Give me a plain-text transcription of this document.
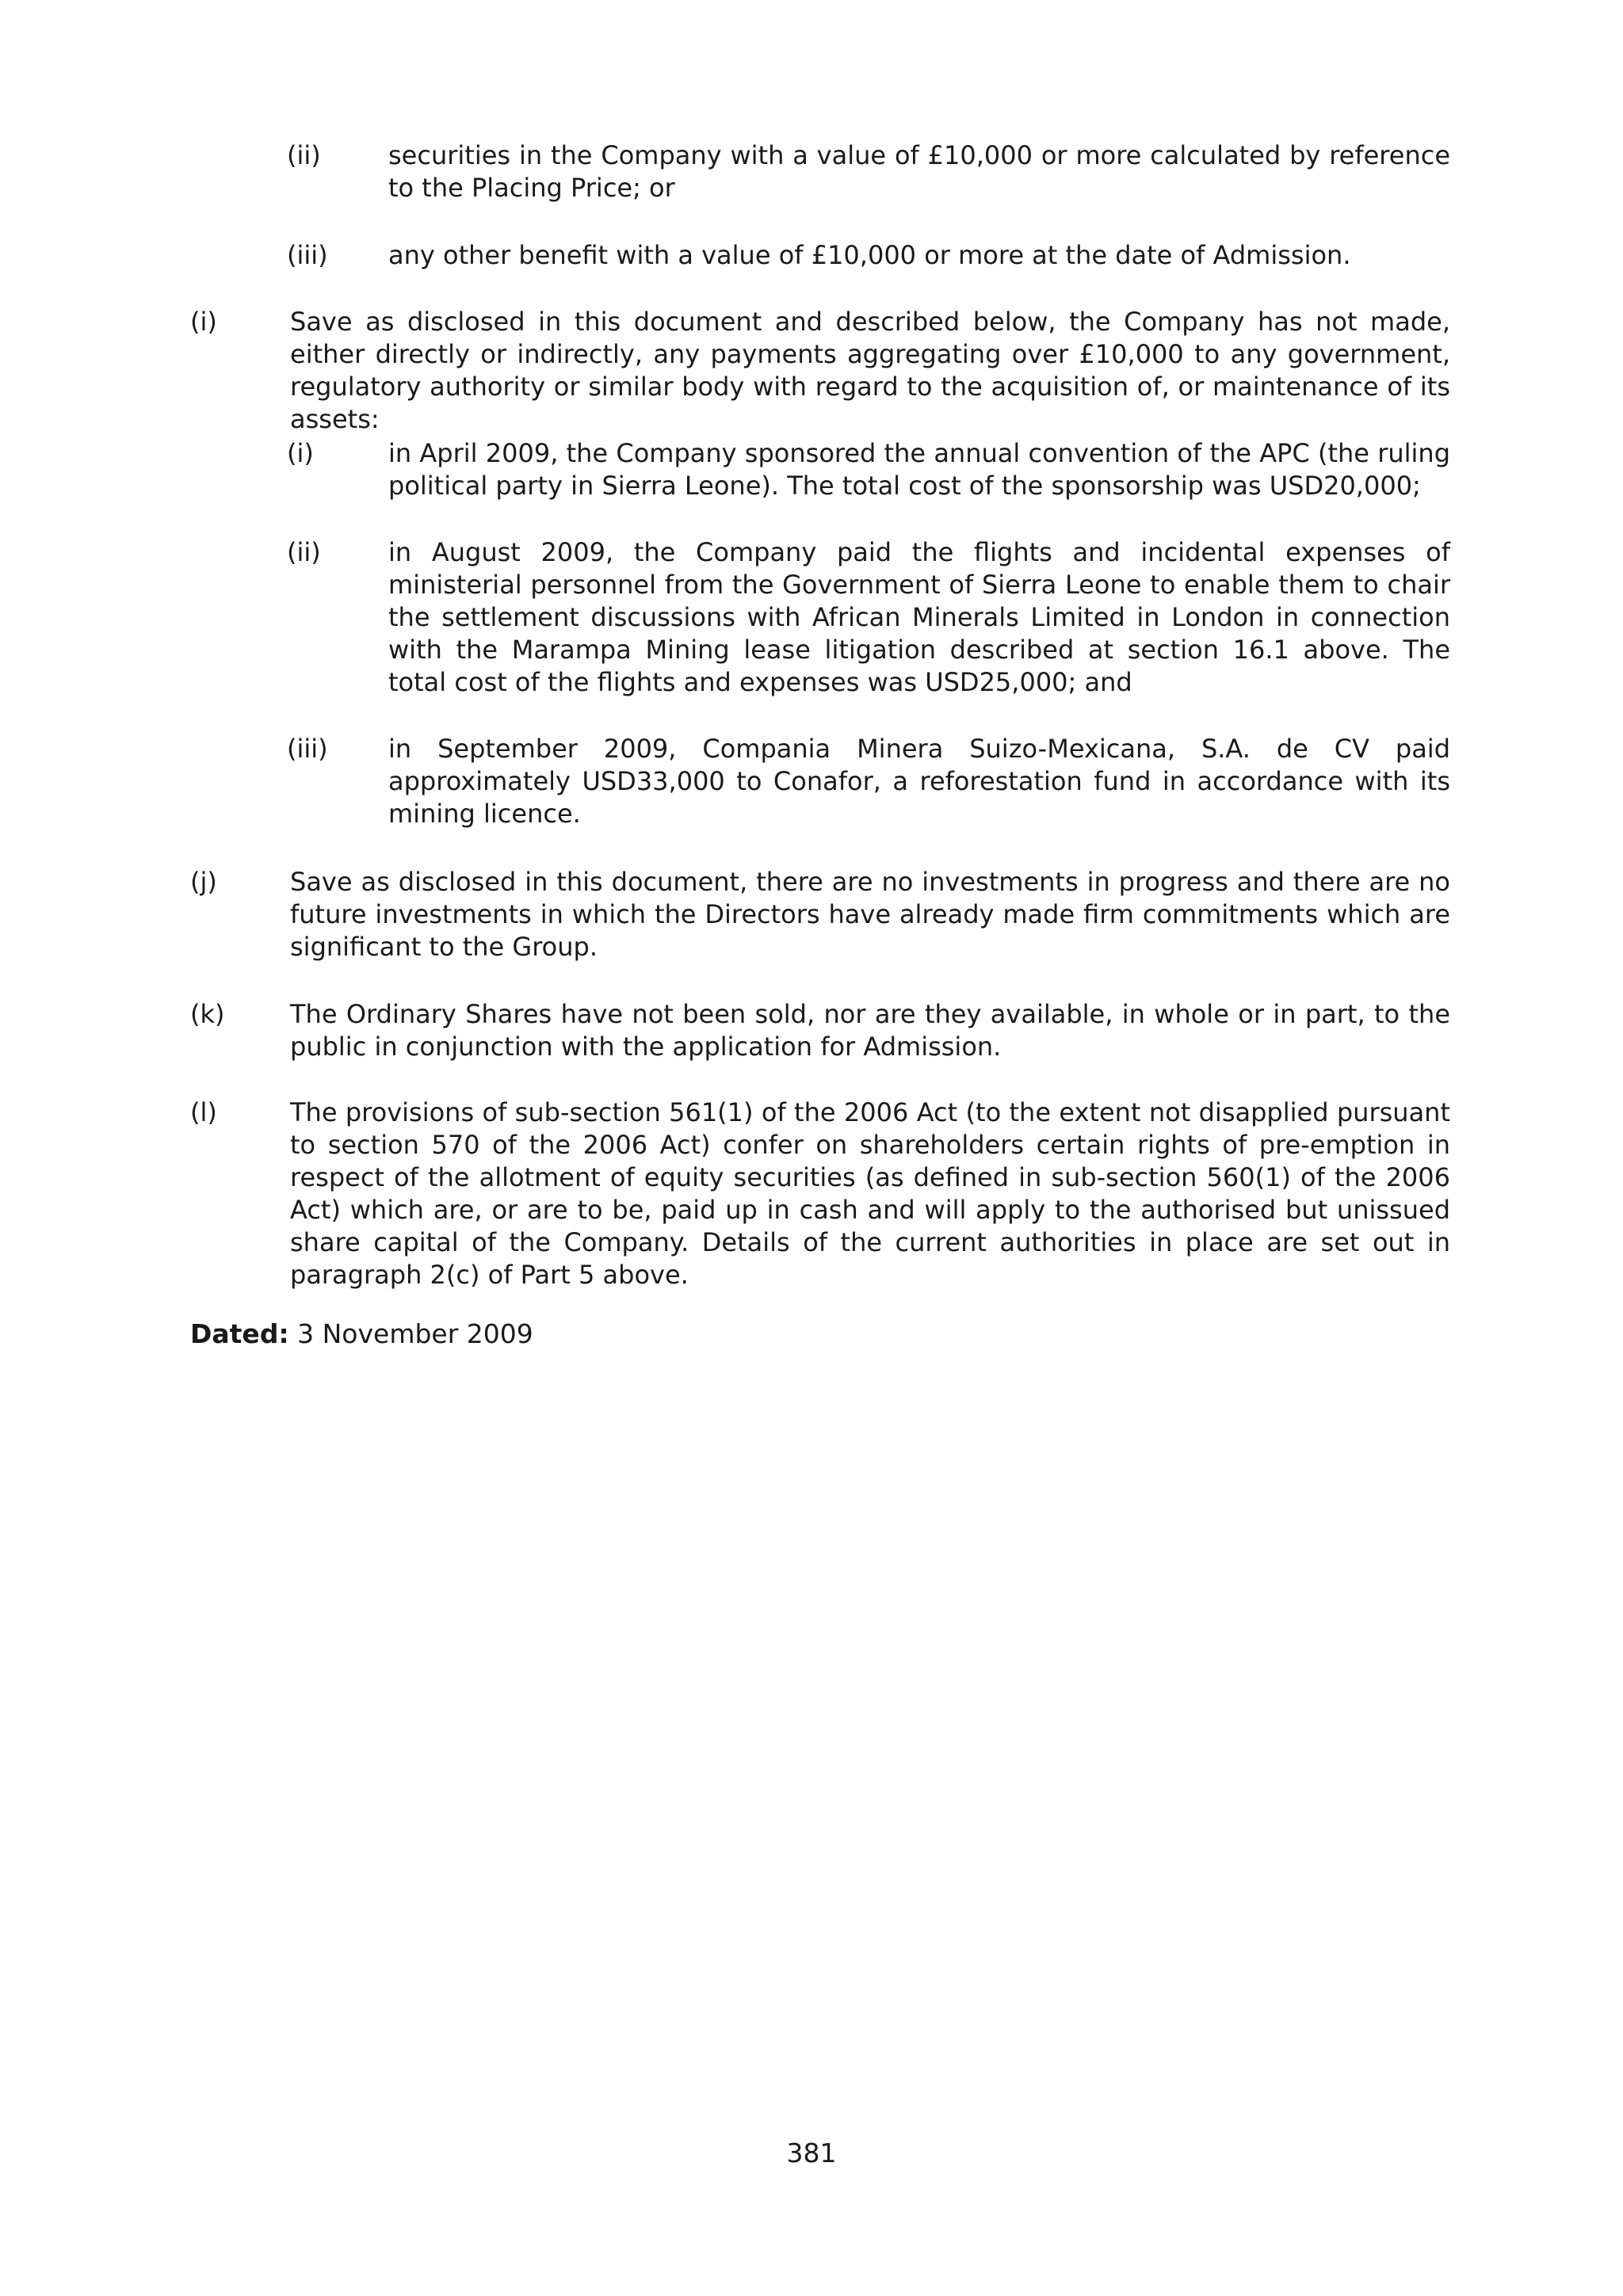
(ii)	securities in the Company with a value of £10,000 or more calculated by reference to the Placing Price; or

(iii) any other benefit with a value of £10,000 or more at the date of Admission.

(i)	Save as disclosed in this document and described below, the Company has not made, either directly or indirectly, any payments aggregating over £10,000 to any government, regulatory authority or similar body with regard to the acquisition of, or maintenance of its assets:

(i)	in April 2009, the Company sponsored the annual convention of the APC (the ruling political party in Sierra Leone). The total cost of the sponsorship was USD20,000;

(ii)	in August 2009, the Company paid the flights and incidental expenses of ministerial personnel from the Government of Sierra Leone to enable them to chair the settlement discussions with African Minerals Limited in London in connection with the Marampa Mining lease litigation described at section 16.1 above. The total cost of the flights and expenses was USD25,000; and

(iii) in September 2009, Compania Minera Suizo-Mexicana, S.A. de CV paid approximately USD33,000 to Conafor, a reforestation fund in accordance with its mining licence.

(j)	Save as disclosed in this document, there are no investments in progress and there are no future investments in which the Directors have already made firm commitments which are significant to the Group.

(k)	The Ordinary Shares have not been sold, nor are they available, in whole or in part, to the public in conjunction with the application for Admission.

(l)	The provisions of sub-section 561(1) of the 2006 Act (to the extent not disapplied pursuant to section 570 of the 2006 Act) confer on shareholders certain rights of pre-emption in respect of the allotment of equity securities (as defined in sub-section 560(1) of the 2006 Act) which are, or are to be, paid up in cash and will apply to the authorised but unissued share capital of the Company. Details of the current authorities in place are set out in paragraph 2(c) of Part 5 above.

Dated: 3 November 2009
381
